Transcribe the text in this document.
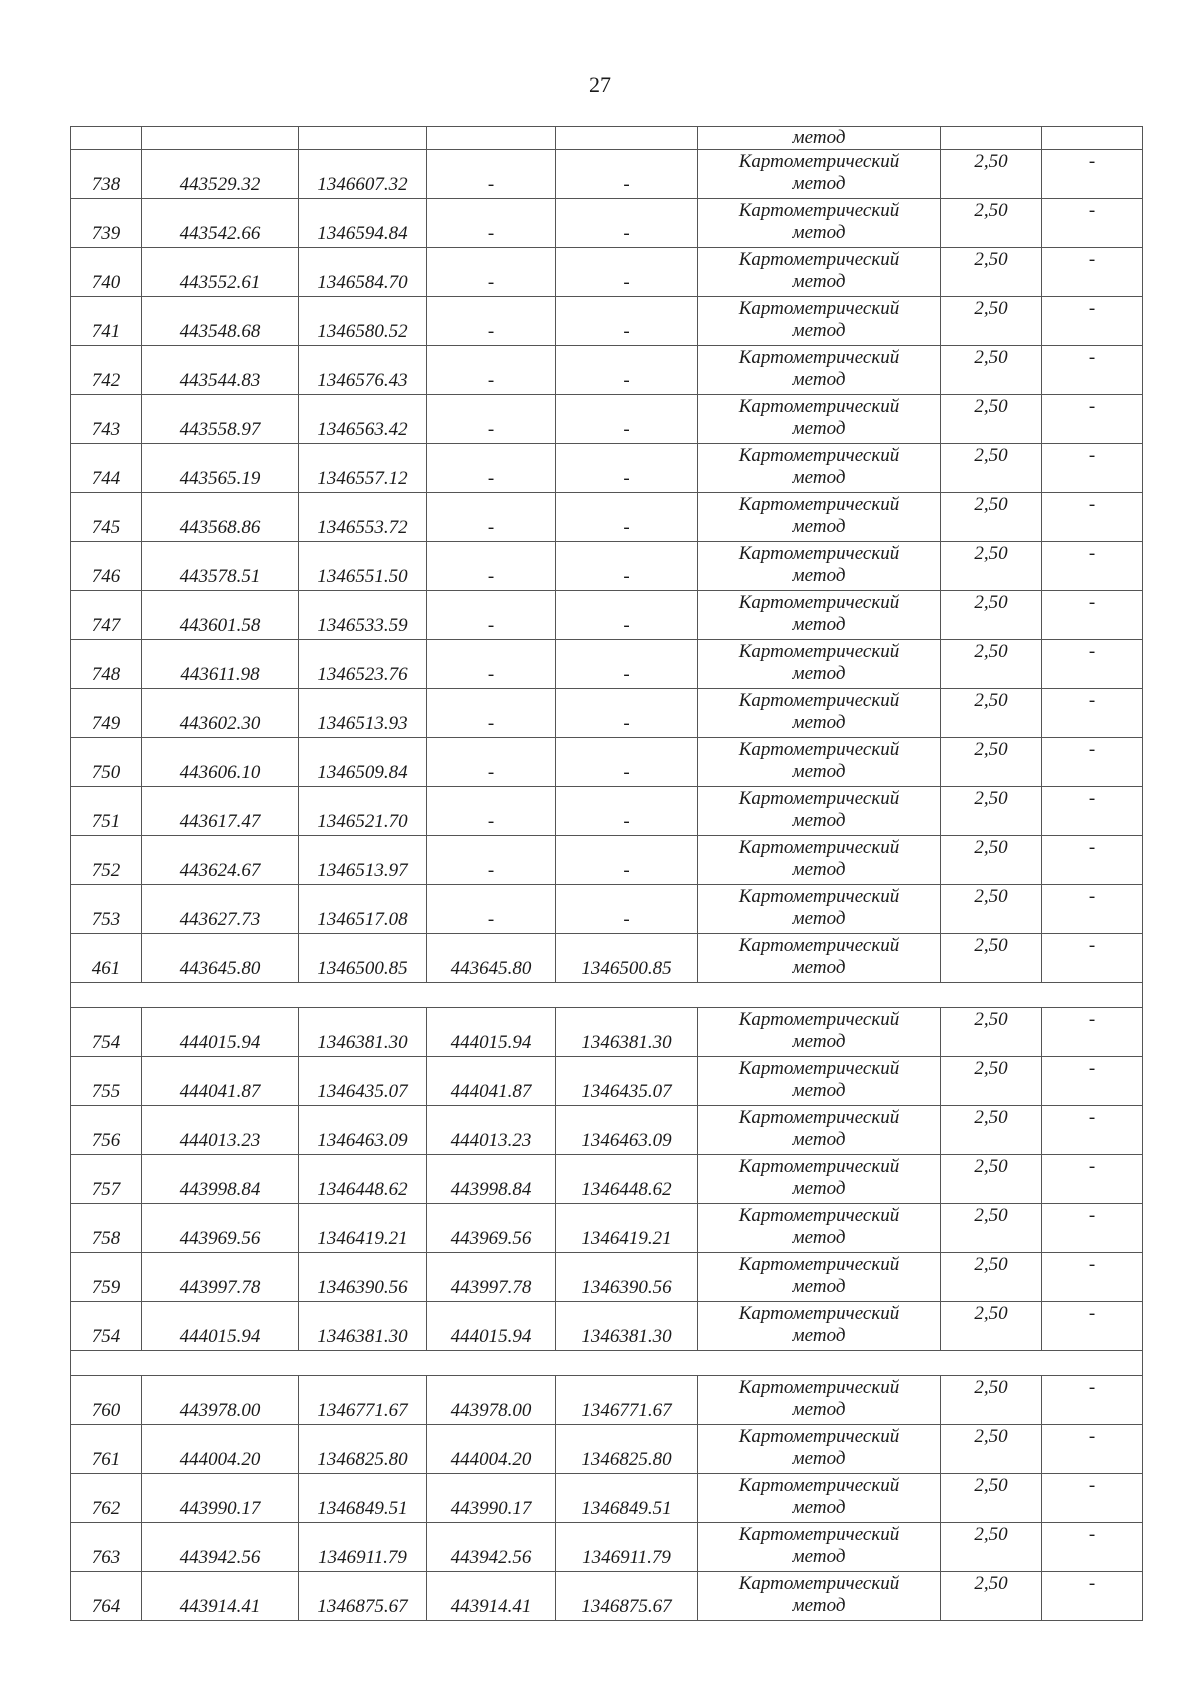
27
					метод		
738	443529.32	1346607.32	-	-	Картометрический
метод	2,50	-
739	443542.66	1346594.84	-	-	Картометрический
метод	2,50	-
740	443552.61	1346584.70	-	-	Картометрический
метод	2,50	-
741	443548.68	1346580.52	-	-	Картометрический
метод	2,50	-
742	443544.83	1346576.43	-	-	Картометрический
метод	2,50	-
743	443558.97	1346563.42	-	-	Картометрический
метод	2,50	-
744	443565.19	1346557.12	-	-	Картометрический
метод	2,50	-
745	443568.86	1346553.72	-	-	Картометрический
метод	2,50	-
746	443578.51	1346551.50	-	-	Картометрический
метод	2,50	-
747	443601.58	1346533.59	-	-	Картометрический
метод	2,50	-
748	443611.98	1346523.76	-	-	Картометрический
метод	2,50	-
749	443602.30	1346513.93	-	-	Картометрический
метод	2,50	-
750	443606.10	1346509.84	-	-	Картометрический
метод	2,50	-
751	443617.47	1346521.70	-	-	Картометрический
метод	2,50	-
752	443624.67	1346513.97	-	-	Картометрический
метод	2,50	-
753	443627.73	1346517.08	-	-	Картометрический
метод	2,50	-
461	443645.80	1346500.85	443645.80	1346500.85	Картометрический
метод	2,50	-

754	444015.94	1346381.30	444015.94	1346381.30	Картометрический
метод	2,50	-
755	444041.87	1346435.07	444041.87	1346435.07	Картометрический
метод	2,50	-
756	444013.23	1346463.09	444013.23	1346463.09	Картометрический
метод	2,50	-
757	443998.84	1346448.62	443998.84	1346448.62	Картометрический
метод	2,50	-
758	443969.56	1346419.21	443969.56	1346419.21	Картометрический
метод	2,50	-
759	443997.78	1346390.56	443997.78	1346390.56	Картометрический
метод	2,50	-
754	444015.94	1346381.30	444015.94	1346381.30	Картометрический
метод	2,50	-

760	443978.00	1346771.67	443978.00	1346771.67	Картометрический
метод	2,50	-
761	444004.20	1346825.80	444004.20	1346825.80	Картометрический
метод	2,50	-
762	443990.17	1346849.51	443990.17	1346849.51	Картометрический
метод	2,50	-
763	443942.56	1346911.79	443942.56	1346911.79	Картометрический
метод	2,50	-
764	443914.41	1346875.67	443914.41	1346875.67	Картометрический
метод	2,50	-
